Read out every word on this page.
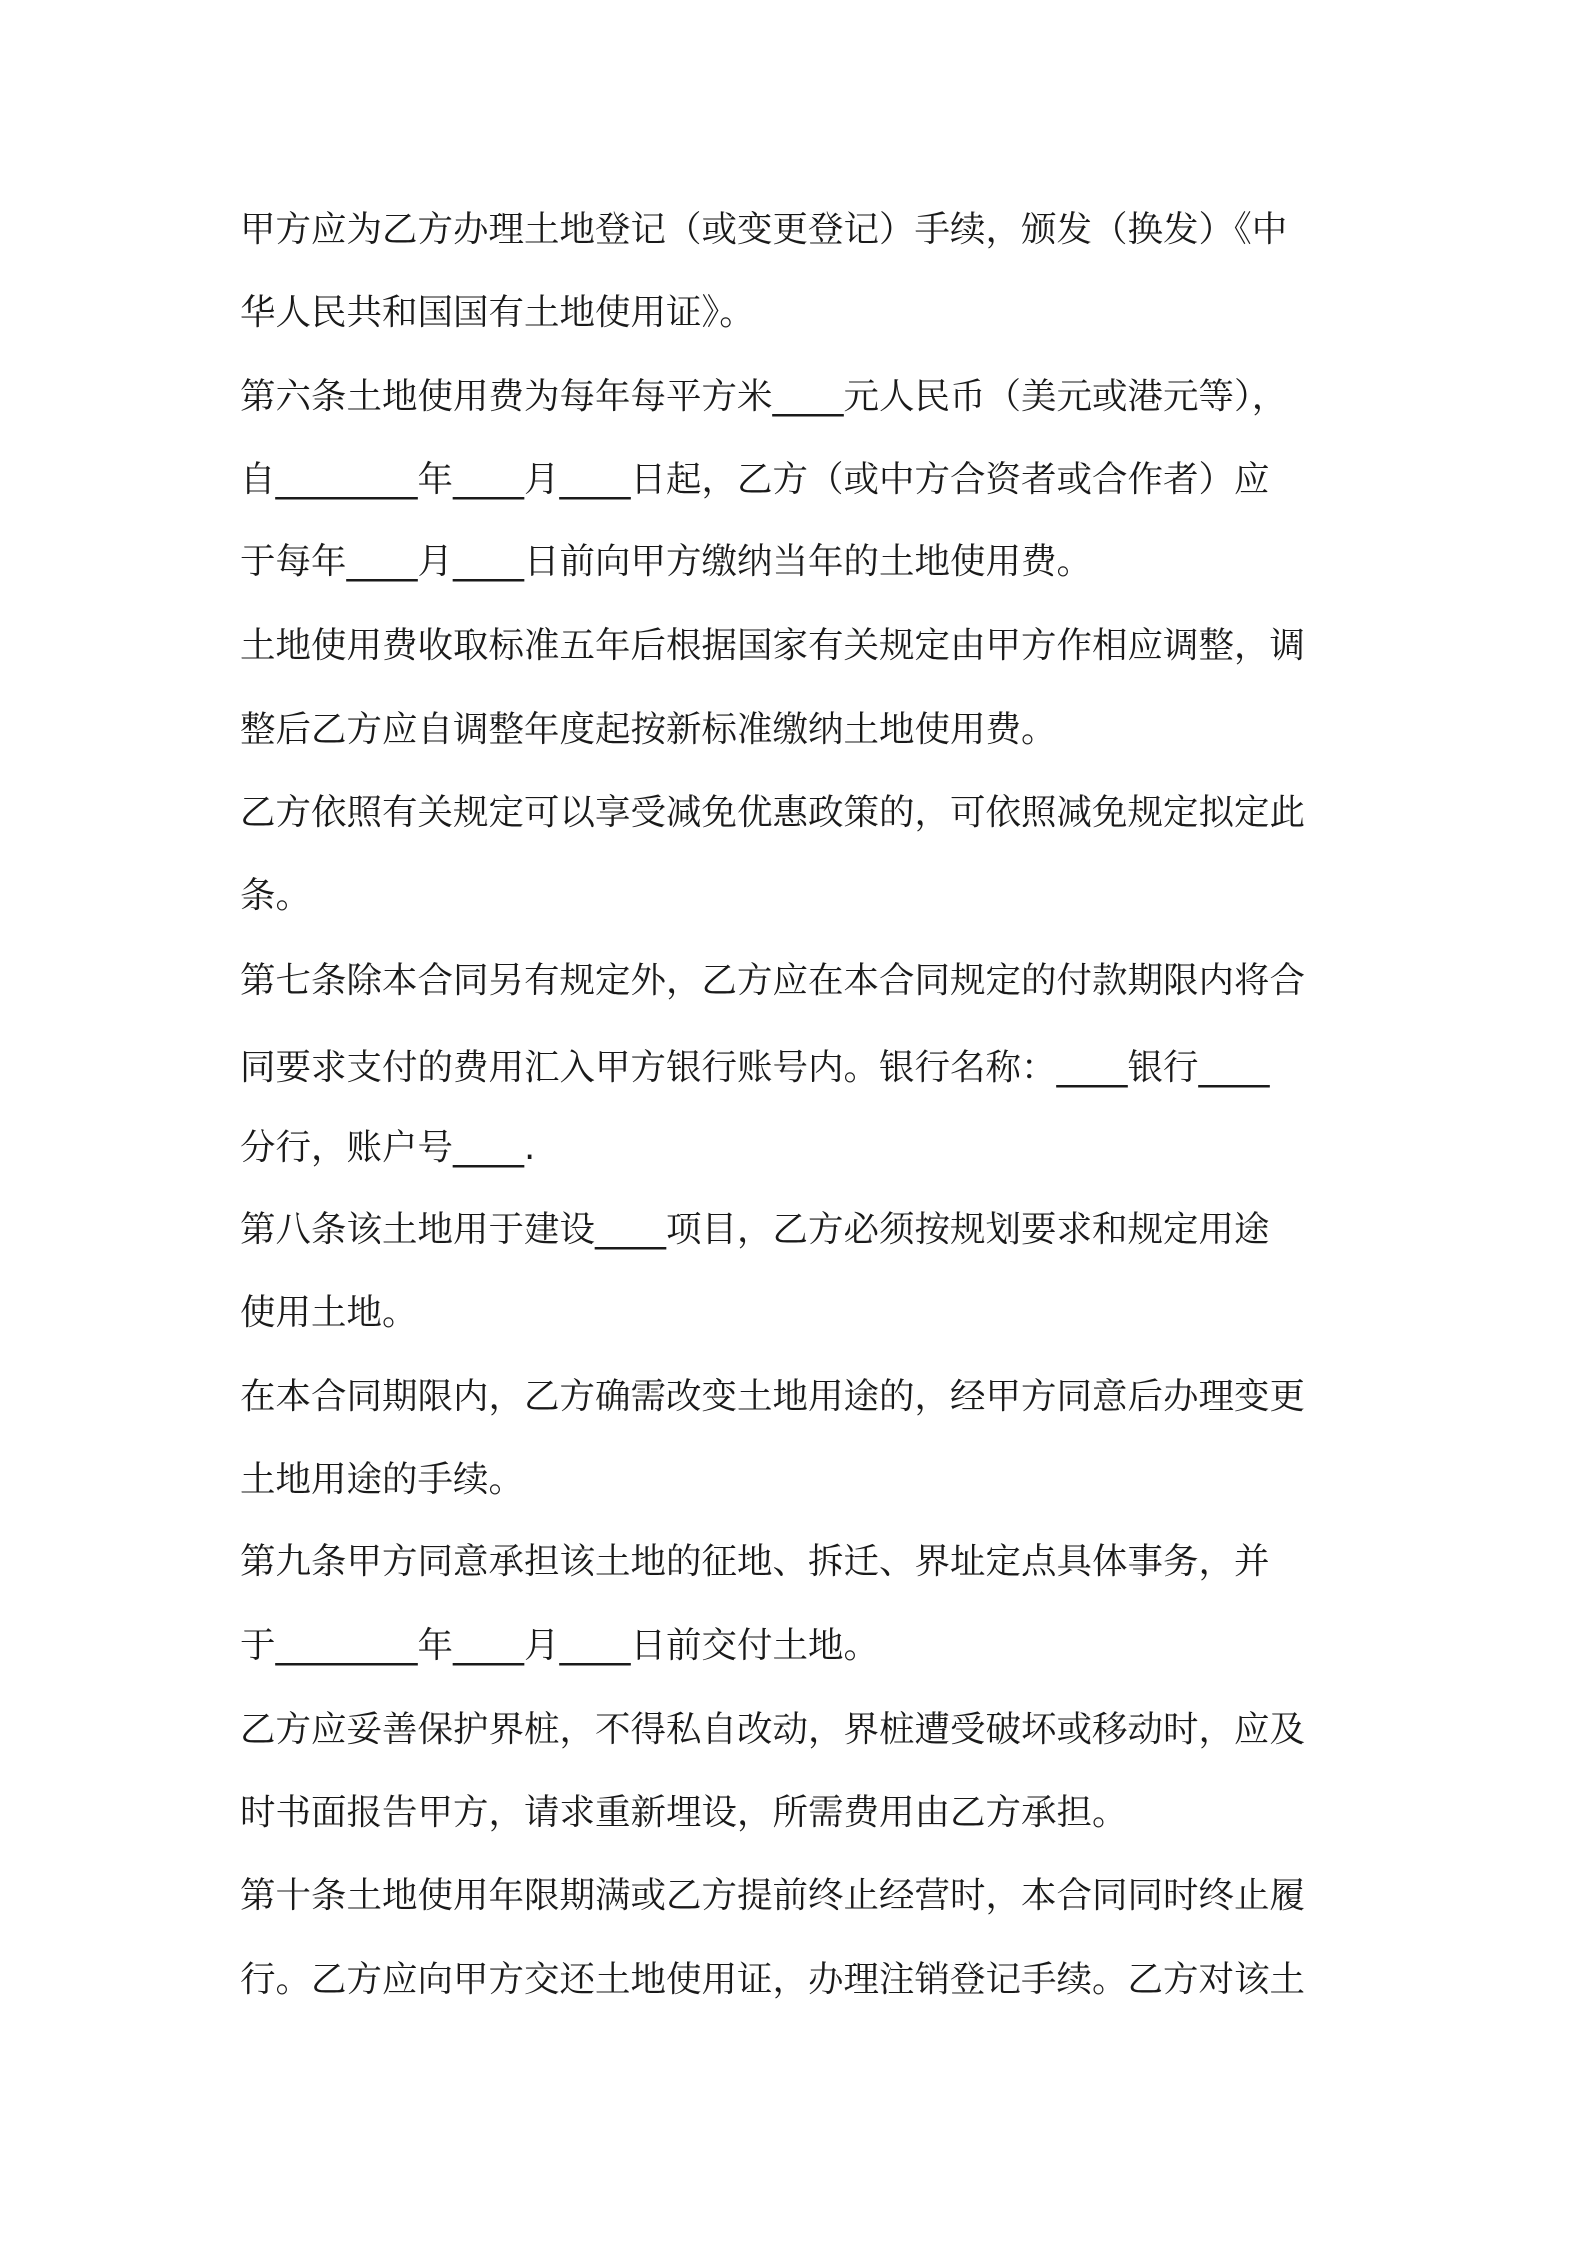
甲方应为乙方办理土地登记（或变更登记）手续，颁发（换发）《中
华人民共和国国有土地使用证》。
第六条土地使用费为每年每平方米____元人民币（美元或港元等），
自________年____月____日起，乙方（或中方合资者或合作者）应
于每年____月____日前向甲方缴纳当年的土地使用费。
土地使用费收取标准五年后根据国家有关规定由甲方作相应调整，调
整后乙方应自调整年度起按新标准缴纳土地使用费。
乙方依照有关规定可以享受减免优惠政策的，可依照减免规定拟定此
条。
第七条除本合同另有规定外，乙方应在本合同规定的付款期限内将合
同要求支付的费用汇入甲方银行账号内。银行名称：____银行____
分行，账户号____.
第八条该土地用于建设____项目，乙方必须按规划要求和规定用途
使用土地。
在本合同期限内，乙方确需改变土地用途的，经甲方同意后办理变更
土地用途的手续。
第九条甲方同意承担该土地的征地、拆迁、界址定点具体事务，并
于________年____月____日前交付土地。
乙方应妥善保护界桩，不得私自改动，界桩遭受破坏或移动时，应及
时书面报告甲方，请求重新埋设，所需费用由乙方承担。
第十条土地使用年限期满或乙方提前终止经营时，本合同同时终止履
行。乙方应向甲方交还土地使用证，办理注销登记手续。乙方对该土
